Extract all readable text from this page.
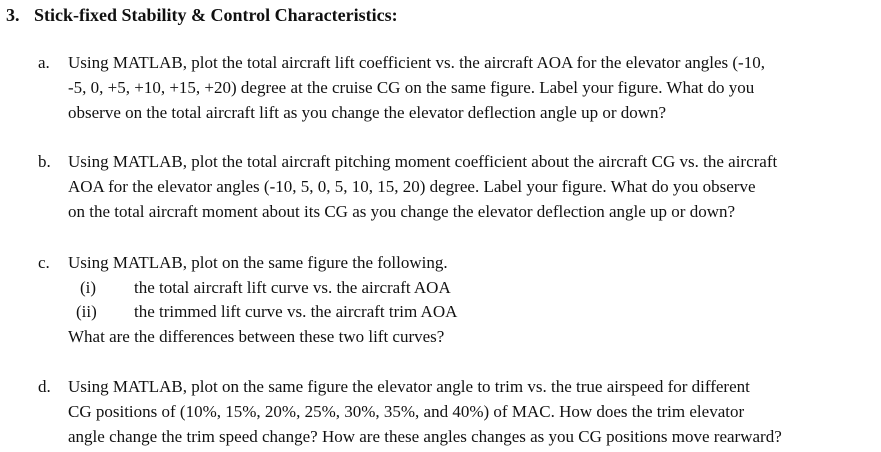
3. Stick-fixed Stability & Control Characteristics:
a. Using MATLAB, plot the total aircraft lift coefficient vs. the aircraft AOA for the elevator angles (-10,
-5, 0, +5, +10, +15, +20) degree at the cruise CG on the same figure. Label your figure. What do you
observe on the total aircraft lift as you change the elevator deflection angle up or down?
b. Using MATLAB, plot the total aircraft pitching moment coefficient about the aircraft CG vs. the aircraft
AOA for the elevator angles (-10, 5, 0, 5, 10, 15, 20) degree. Label your figure. What do you observe
on the total aircraft moment about its CG as you change the elevator deflection angle up or down?
c. Using MATLAB, plot on the same figure the following.
(i) the total aircraft lift curve vs. the aircraft AOA
(ii) the trimmed lift curve vs. the aircraft trim AOA
What are the differences between these two lift curves?
d. Using MATLAB, plot on the same figure the elevator angle to trim vs. the true airspeed for different
CG positions of (10%, 15%, 20%, 25%, 30%, 35%, and 40%) of MAC. How does the trim elevator
angle change the trim speed change? How are these angles changes as you CG positions move rearward?
